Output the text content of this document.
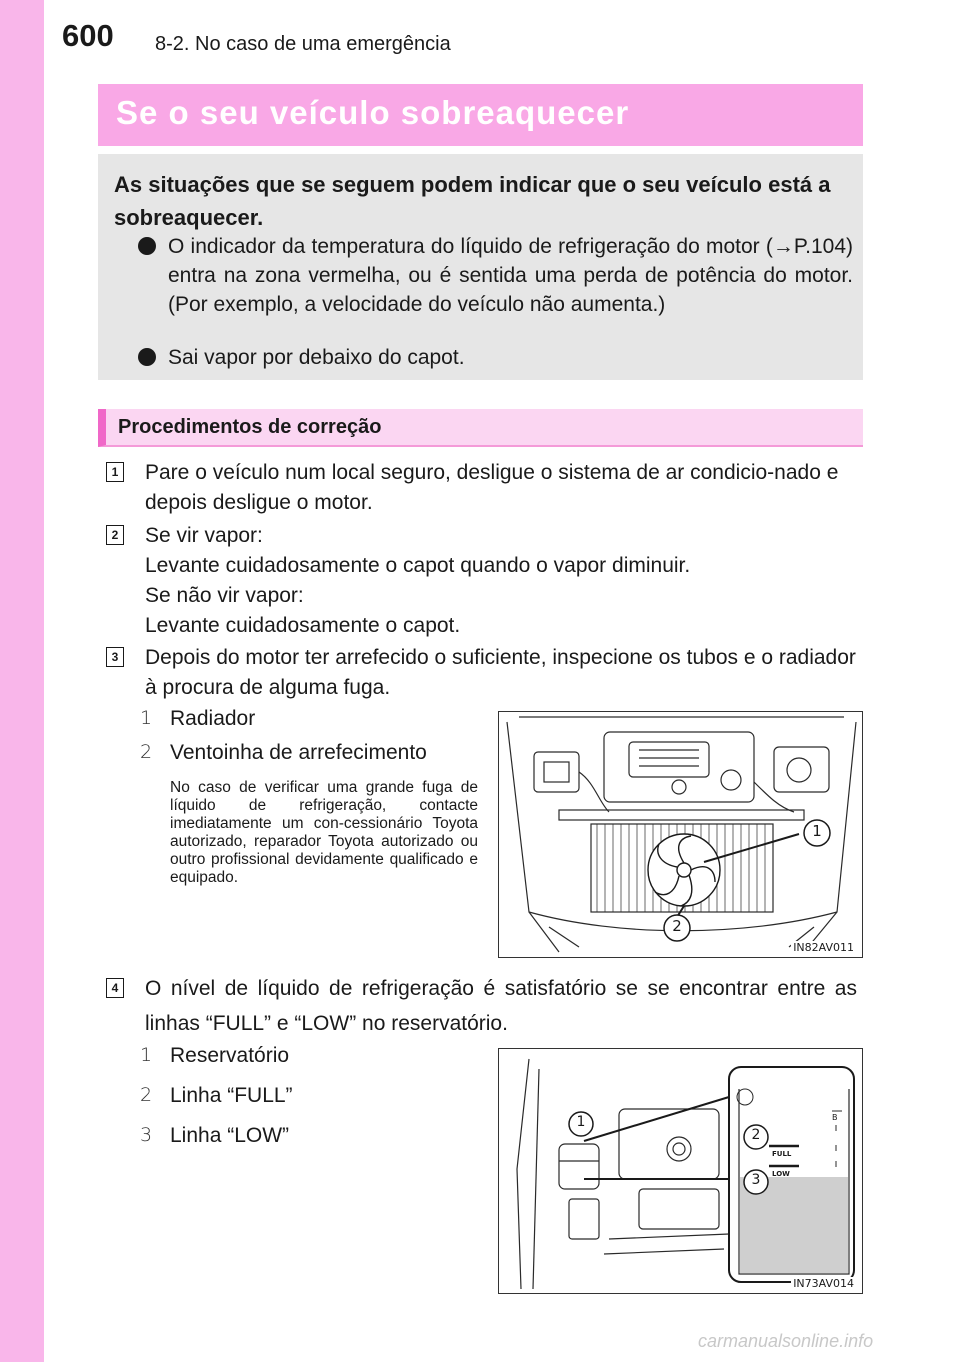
600 8-2. No caso de uma emergência
Se o seu veículo sobreaquecer
As situações que se seguem podem indicar que o seu veículo está a sobreaquecer.
O indicador da temperatura do líquido de refrigeração do motor (→P.104) entra na zona vermelha, ou é sentida uma perda de potência do motor. (Por exemplo, a velocidade do veículo não aumenta.)
Sai vapor por debaixo do capot.
Procedimentos de correção
1 Pare o veículo num local seguro, desligue o sistema de ar condicio-nado e depois desligue o motor.
2 Se vir vapor:
Levante cuidadosamente o capot quando o vapor diminuir.
Se não vir vapor:
Levante cuidadosamente o capot.
3 Depois do motor ter arrefecido o suficiente, inspecione os tubos e o radiador à procura de alguma fuga.
1 Radiador
2 Ventoinha de arrefecimento
No caso de verificar uma grande fuga de líquido de refrigeração, contacte imediatamente um con-cessionário Toyota autorizado, reparador Toyota autorizado ou outro profissional devidamente qualificado e equipado.
1
2
IN82AV011
4 O nível de líquido de refrigeração é satisfatório se se encontrar entre as linhas “FULL” e “LOW” no reservatório.
1 Reservatório
2 Linha “FULL”
3 Linha “LOW”
1
2
3
FULL
LOW
B
IN73AV014
carmanualsonline.info
